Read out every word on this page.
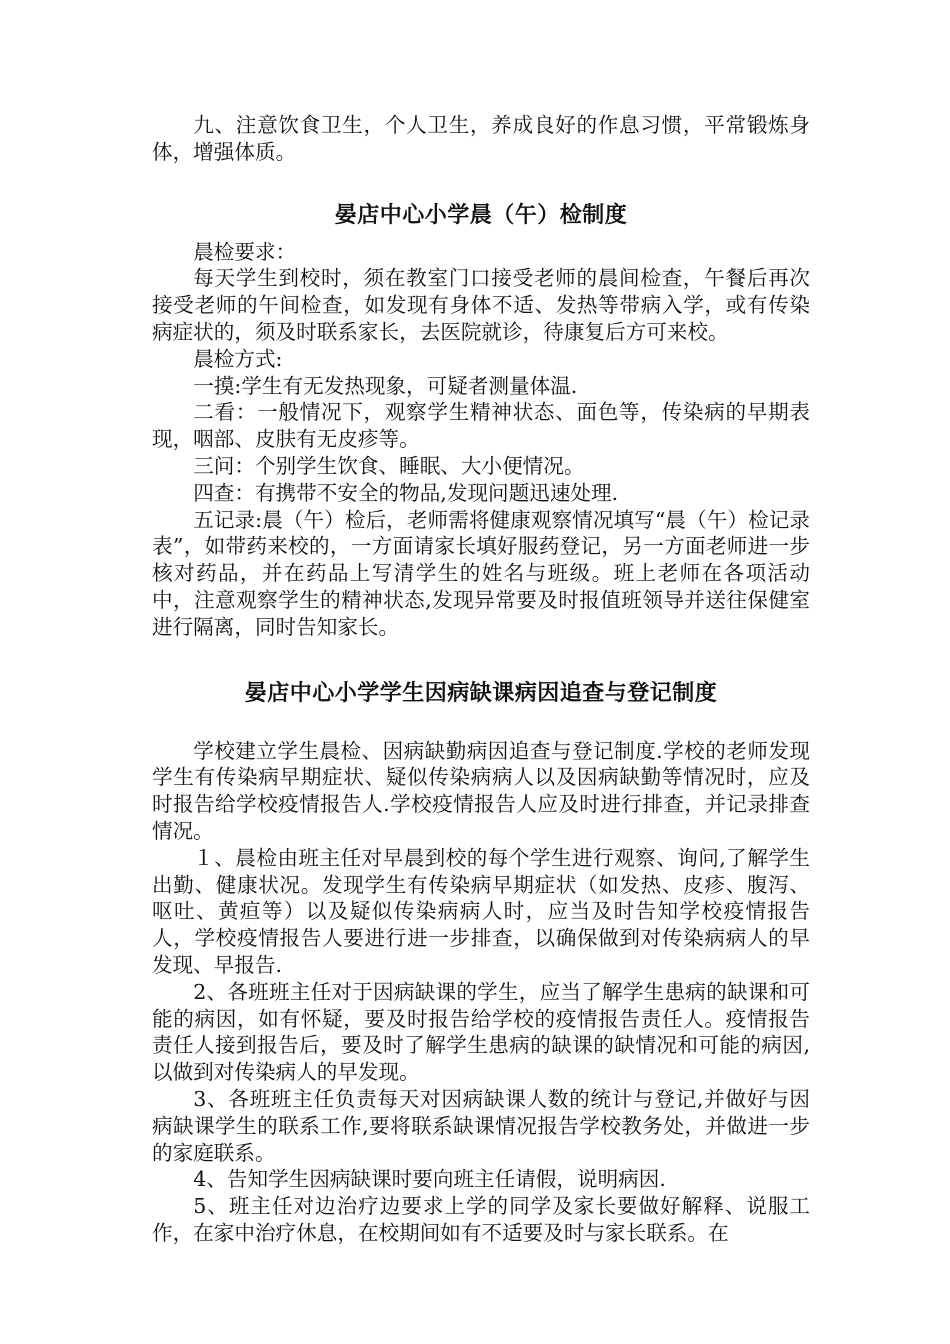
九、注意饮食卫生，个人卫生，养成良好的作息习惯，平常锻炼身体，增强体质。

晏店中心小学晨（午）检制度

晨检要求：

每天学生到校时，须在教室门口接受老师的晨间检查，午餐后再次接受老师的午间检查，如发现有身体不适、发热等带病入学，或有传染病症状的，须及时联系家长，去医院就诊，待康复后方可来校。

晨检方式:

一摸:学生有无发热现象，可疑者测量体温.

二看：一般情况下，观察学生精神状态、面色等，传染病的早期表现，咽部、皮肤有无皮疹等。

三问：个别学生饮食、睡眠、大小便情况。

四查：有携带不安全的物品,发现问题迅速处理.

五记录:晨（午）检后，老师需将健康观察情况填写“晨（午）检记录表”，如带药来校的，一方面请家长填好服药登记，另一方面老师进一步核对药品，并在药品上写清学生的姓名与班级。班上老师在各项活动中，注意观察学生的精神状态,发现异常要及时报值班领导并送往保健室进行隔离，同时告知家长。

晏店中心小学学生因病缺课病因追查与登记制度

学校建立学生晨检、因病缺勤病因追查与登记制度.学校的老师发现学生有传染病早期症状、疑似传染病病人以及因病缺勤等情况时，应及时报告给学校疫情报告人.学校疫情报告人应及时进行排查，并记录排查情况。

１、晨检由班主任对早晨到校的每个学生进行观察、询问,了解学生出勤、健康状况。发现学生有传染病早期症状（如发热、皮疹、腹泻、呕吐、黄疸等）以及疑似传染病病人时，应当及时告知学校疫情报告人，学校疫情报告人要进行进一步排查，以确保做到对传染病病人的早发现、早报告.

2、各班班主任对于因病缺课的学生，应当了解学生患病的缺课和可能的病因，如有怀疑，要及时报告给学校的疫情报告责任人。疫情报告责任人接到报告后，要及时了解学生患病的缺课的缺情况和可能的病因,以做到对传染病人的早发现。

3、各班班主任负责每天对因病缺课人数的统计与登记,并做好与因病缺课学生的联系工作,要将联系缺课情况报告学校教务处，并做进一步的家庭联系。

4、告知学生因病缺课时要向班主任请假，说明病因.

5、班主任对边治疗边要求上学的同学及家长要做好解释、说服工作，在家中治疗休息，在校期间如有不适要及时与家长联系。在
